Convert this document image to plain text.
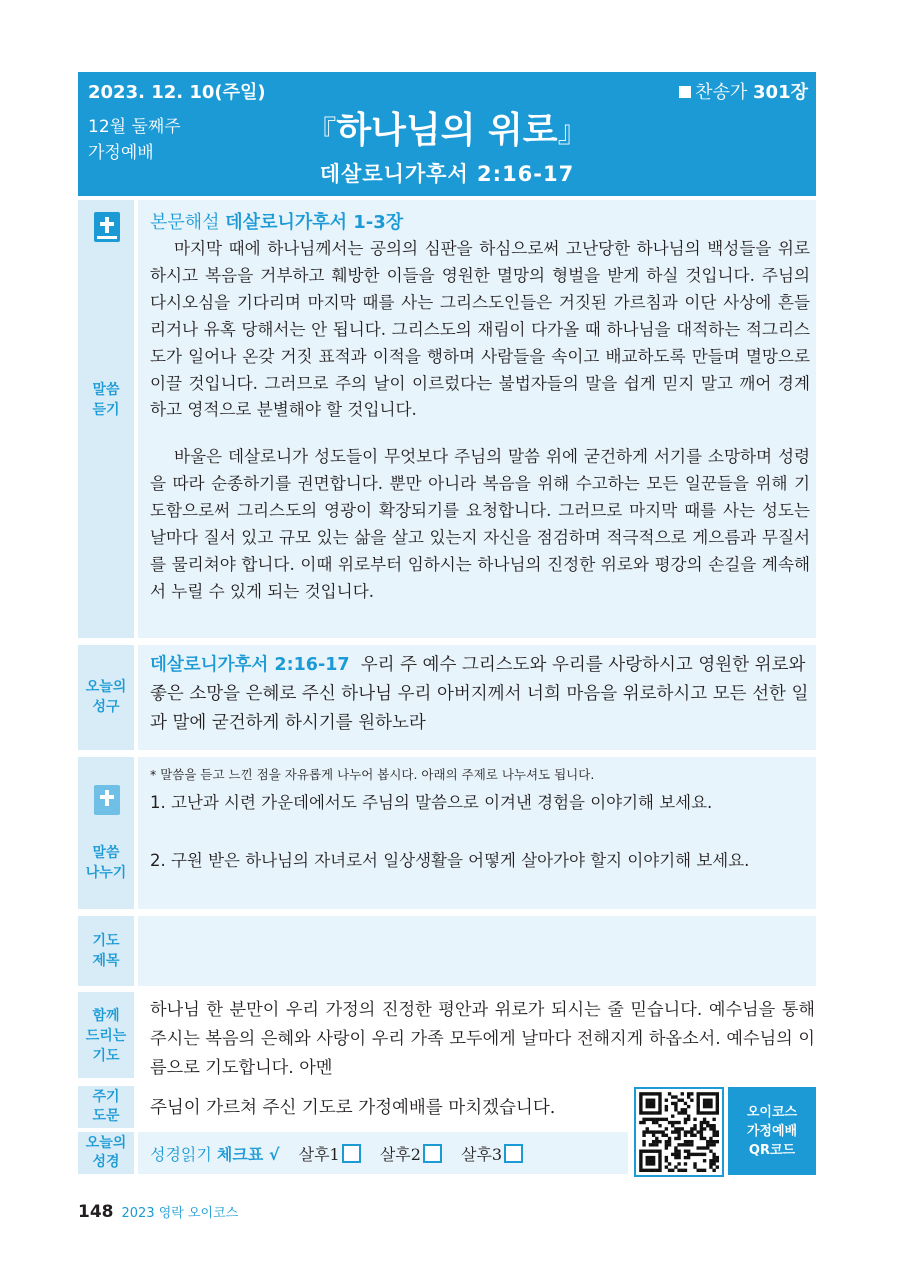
2023. 12. 10(주일)
12월 둘째주
가정예배
찬송가 301장
『하나님의 위로』
데살로니가후서 2:16-17
말씀
듣기
본문해설 데살로니가후서 1-3장
마지막 때에 하나님께서는 공의의 심판을 하심으로써 고난당한 하나님의 백성들을 위로하시고 복음을 거부하고 훼방한 이들을 영원한 멸망의 형벌을 받게 하실 것입니다. 주님의 다시오심을 기다리며 마지막 때를 사는 그리스도인들은 거짓된 가르침과 이단 사상에 흔들리거나 유혹 당해서는 안 됩니다. 그리스도의 재림이 다가올 때 하나님을 대적하는 적그리스도가 일어나 온갖 거짓 표적과 이적을 행하며 사람들을 속이고 배교하도록 만들며 멸망으로 이끌 것입니다. 그러므로 주의 날이 이르렀다는 불법자들의 말을 쉽게 믿지 말고 깨어 경계하고 영적으로 분별해야 할 것입니다.
바울은 데살로니가 성도들이 무엇보다 주님의 말씀 위에 굳건하게 서기를 소망하며 성령을 따라 순종하기를 권면합니다. 뿐만 아니라 복음을 위해 수고하는 모든 일꾼들을 위해 기도함으로써 그리스도의 영광이 확장되기를 요청합니다. 그러므로 마지막 때를 사는 성도는 날마다 질서 있고 규모 있는 삶을 살고 있는지 자신을 점검하며 적극적으로 게으름과 무질서를 물리쳐야 합니다. 이때 위로부터 임하시는 하나님의 진정한 위로와 평강의 손길을 계속해서 누릴 수 있게 되는 것입니다.
오늘의
성구
데살로니가후서 2:16-17 우리 주 예수 그리스도와 우리를 사랑하시고 영원한 위로와 좋은 소망을 은혜로 주신 하나님 우리 아버지께서 너희 마음을 위로하시고 모든 선한 일과 말에 굳건하게 하시기를 원하노라
말씀
나누기
* 말씀을 듣고 느낀 점을 자유롭게 나누어 봅시다. 아래의 주제로 나누셔도 됩니다.
1. 고난과 시련 가운데에서도 주님의 말씀으로 이겨낸 경험을 이야기해 보세요.
2. 구원 받은 하나님의 자녀로서 일상생활을 어떻게 살아가야 할지 이야기해 보세요.
기도
제목
함께
드리는
기도
하나님 한 분만이 우리 가정의 진정한 평안과 위로가 되시는 줄 믿습니다. 예수님을 통해 주시는 복음의 은혜와 사랑이 우리 가족 모두에게 날마다 전해지게 하옵소서. 예수님의 이름으로 기도합니다. 아멘
주기
도문	주님이 가르쳐 주신 기도로 가정예배를 마치겠습니다.
오늘의
성경	성경읽기 체크표 √ 살후1	살후2	살후3
오이코스
가정예배
QR코드
148 2023 영락 오이코스
